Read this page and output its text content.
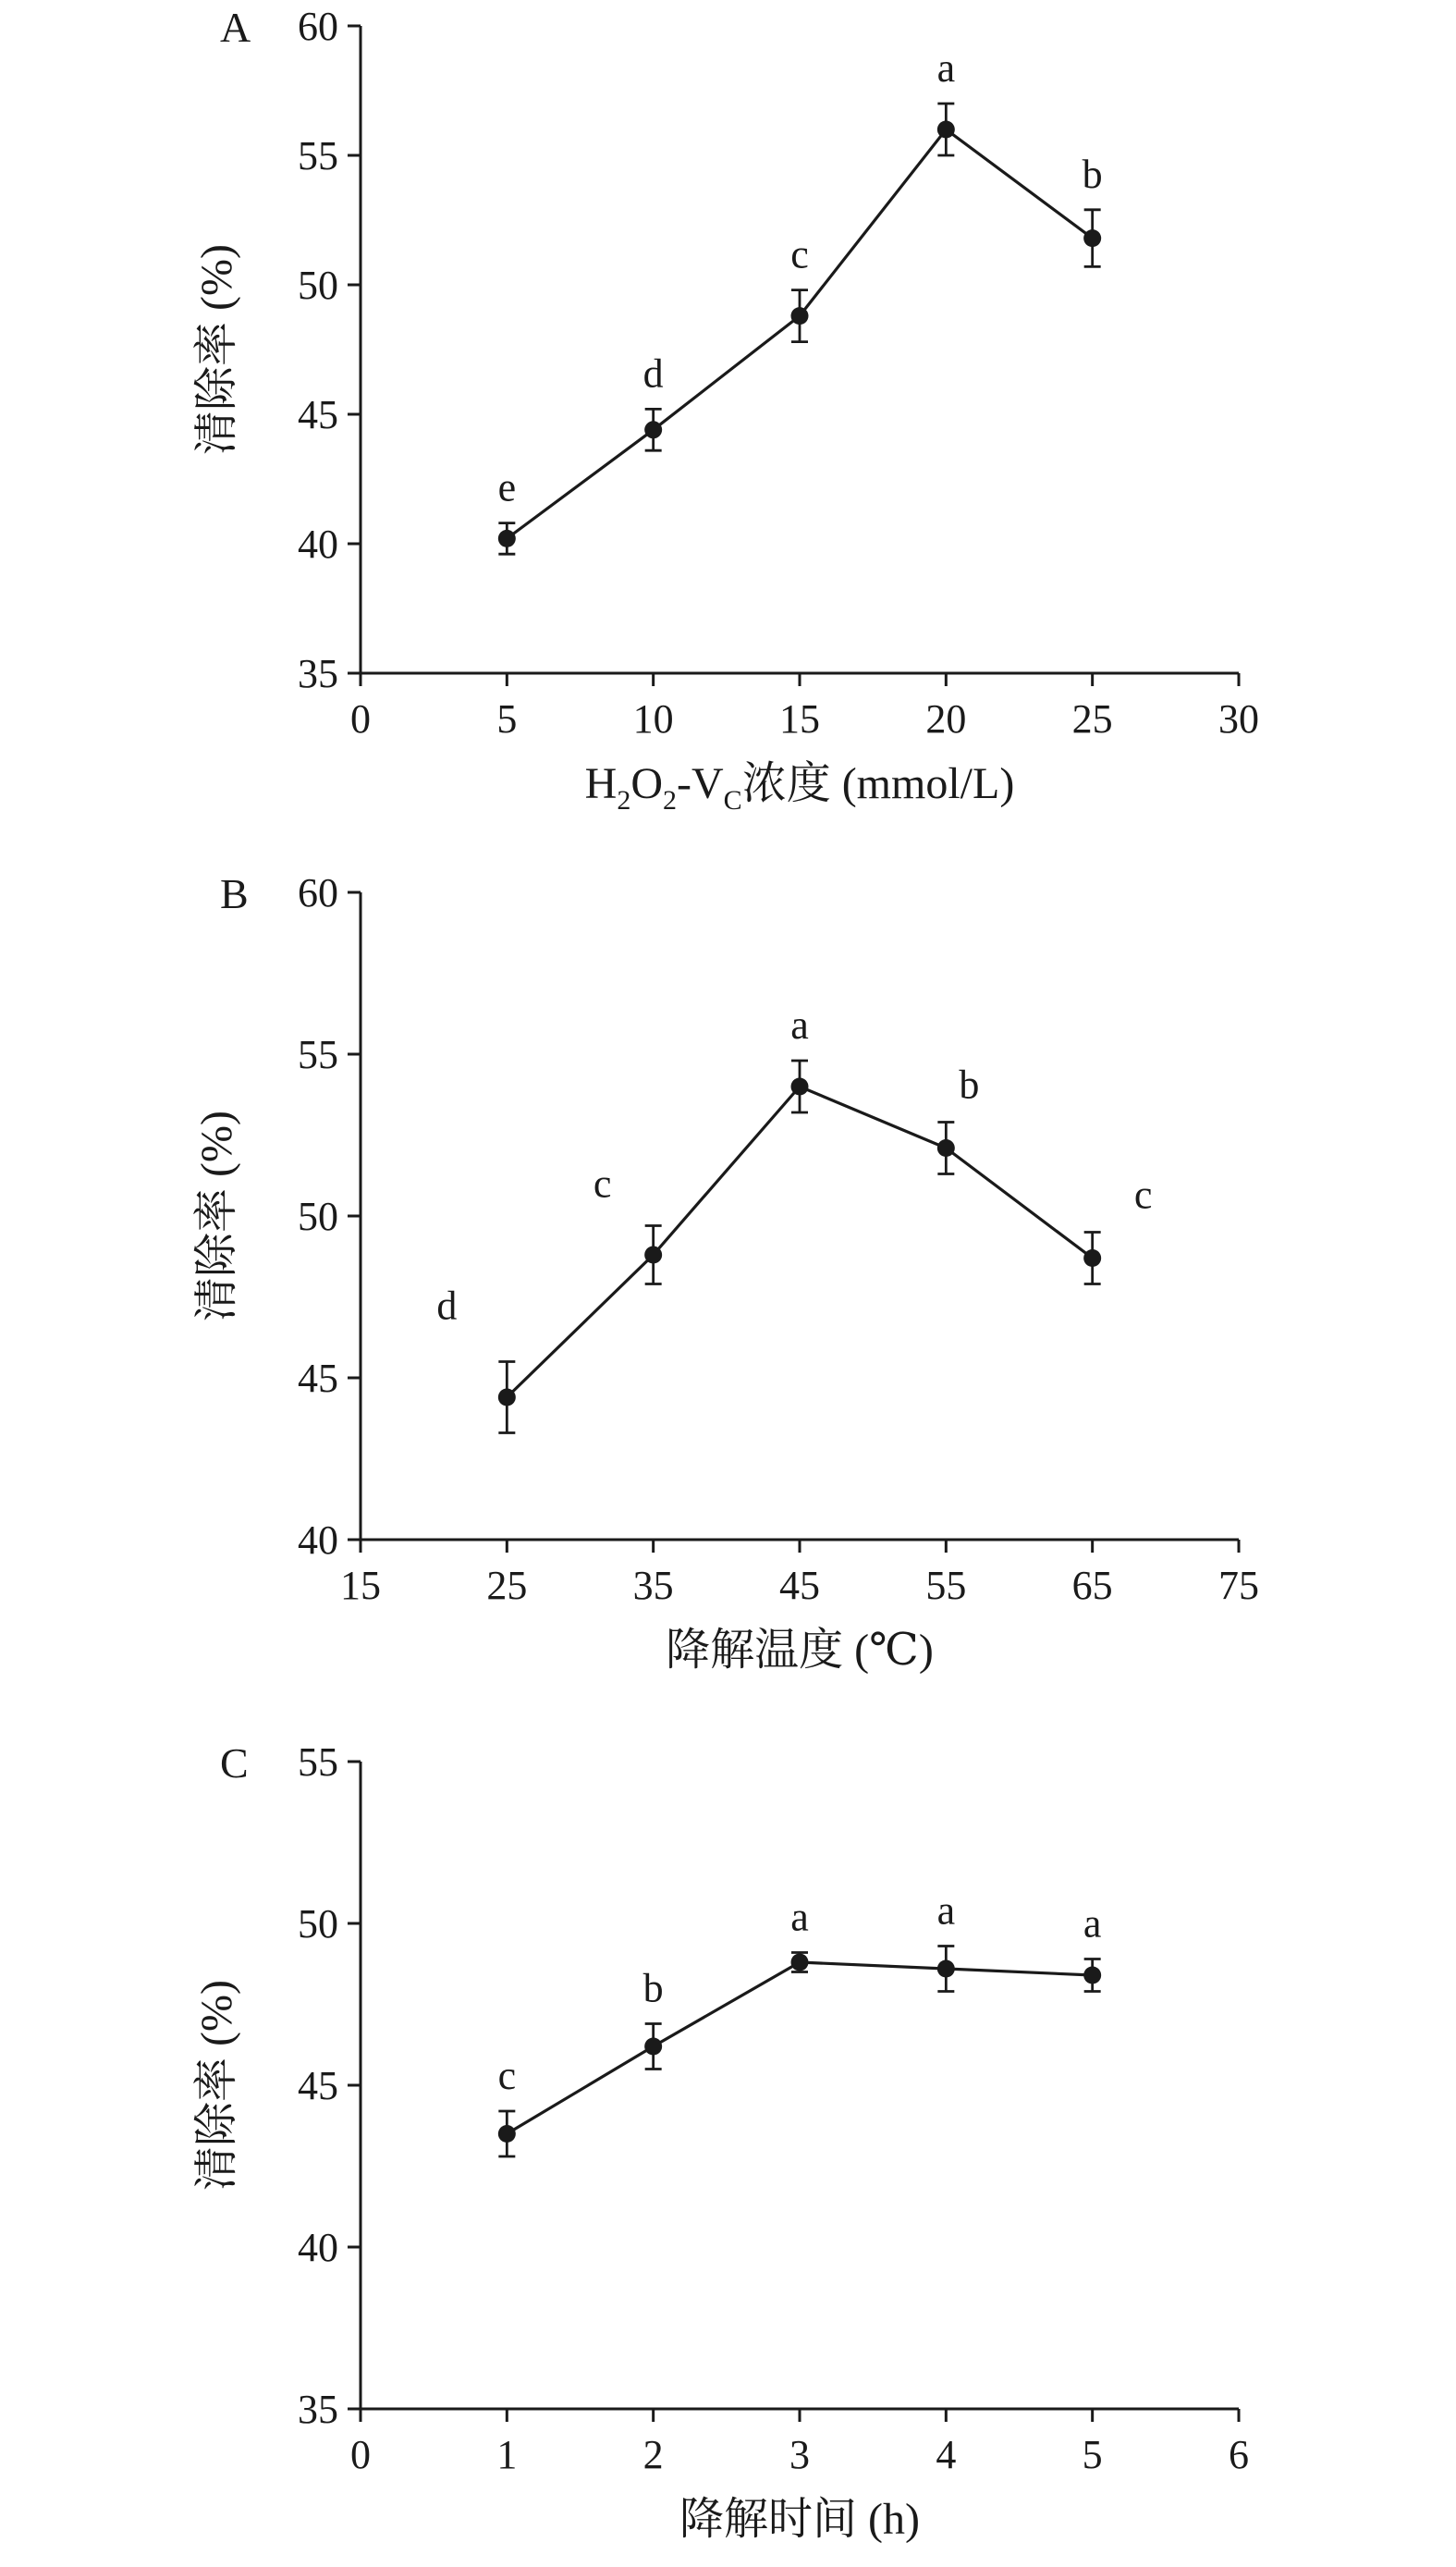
35
40
45
50
55
60
0	5	10	15	20	25	30
A
清除率 (%)
H2O2-VC浓度 (mmol/L)
e
d
c
a
b
40
45
50
55
60
15	25	35	45	55	65	75
B
清除率 (%)
降解温度 (℃)
d
c
a
b
c
35
40
45
50
55
0	1	2	3	4	5	6
C
清除率 (%)
降解时间 (h)
c
b
a	a	a
